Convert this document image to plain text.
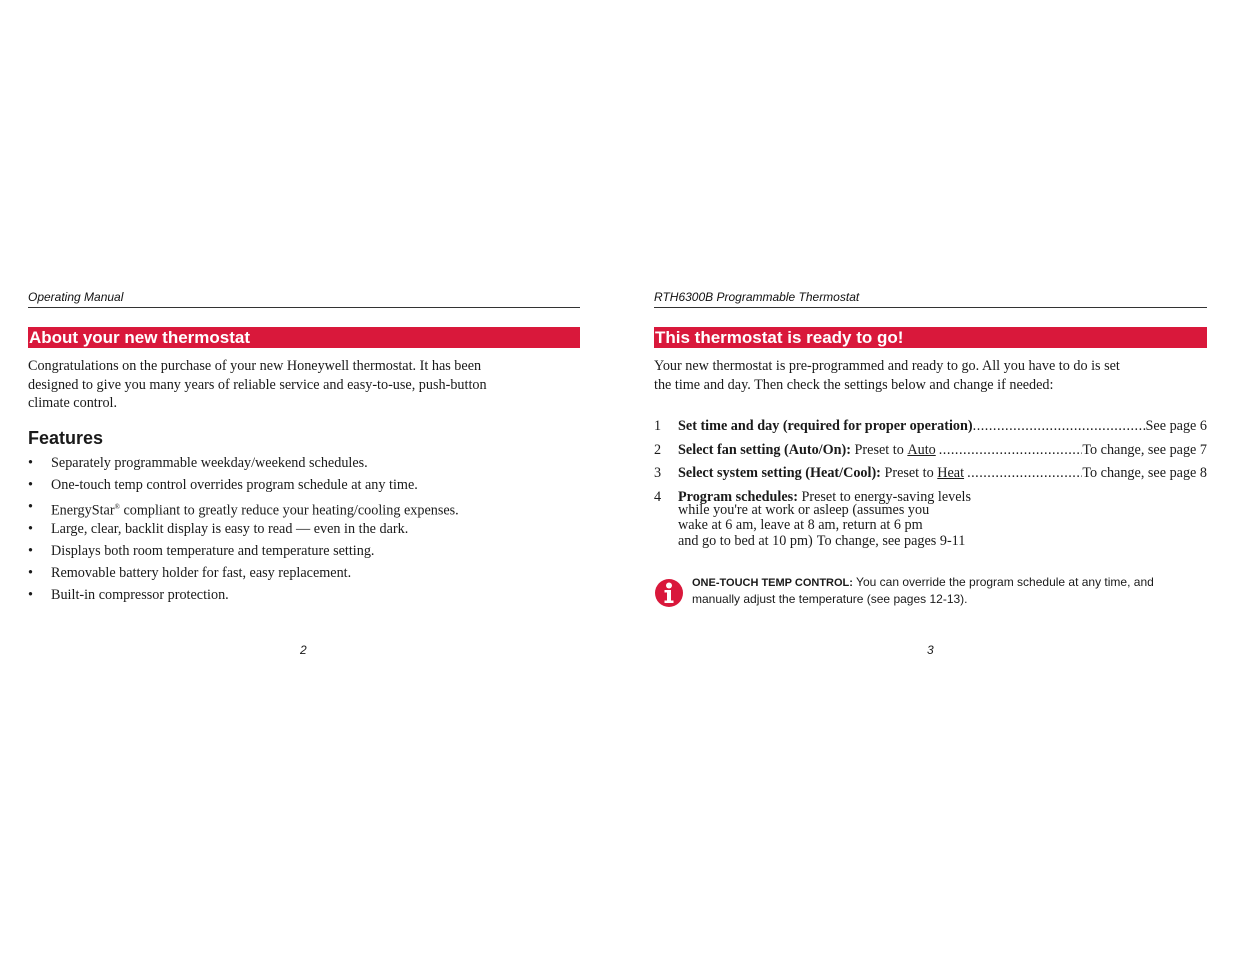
Operating Manual
About your new thermostat

Congratulations on the purchase of your new Honeywell thermostat. It has been
designed to give you many years of reliable service and easy-to-use, push-button
climate control.

Features
• Separately programmable weekday/weekend schedules.
• One-touch temp control overrides program schedule at any time.
• EnergyStar® compliant to greatly reduce your heating/cooling expenses.
• Large, clear, backlit display is easy to read — even in the dark.
• Displays both room temperature and temperature setting.
• Removable battery holder for fast, easy replacement.
• Built-in compressor protection.
2
RTH6300B Programmable Thermostat
This thermostat is ready to go!

Your new thermostat is pre-programmed and ready to go. All you have to do is set
the time and day. Then check the settings below and change if needed:

1 Set time and day (required for proper operation) .....	See page 6
2 Select fan setting (Auto/On): Preset to Auto .....	To change, see page 7
3 Select system setting (Heat/Cool): Preset to Heat .....	To change, see page 8
4 Program schedules: Preset to energy-saving levels
while you're at work or asleep (assumes you
wake at 6 am, leave at 8 am, return at 6 pm
and go to bed at 10 pm) To change, see pages 9-11
ONE-TOUCH TEMP CONTROL: You can override the program schedule at any time, and
manually adjust the temperature (see pages 12-13).
3
